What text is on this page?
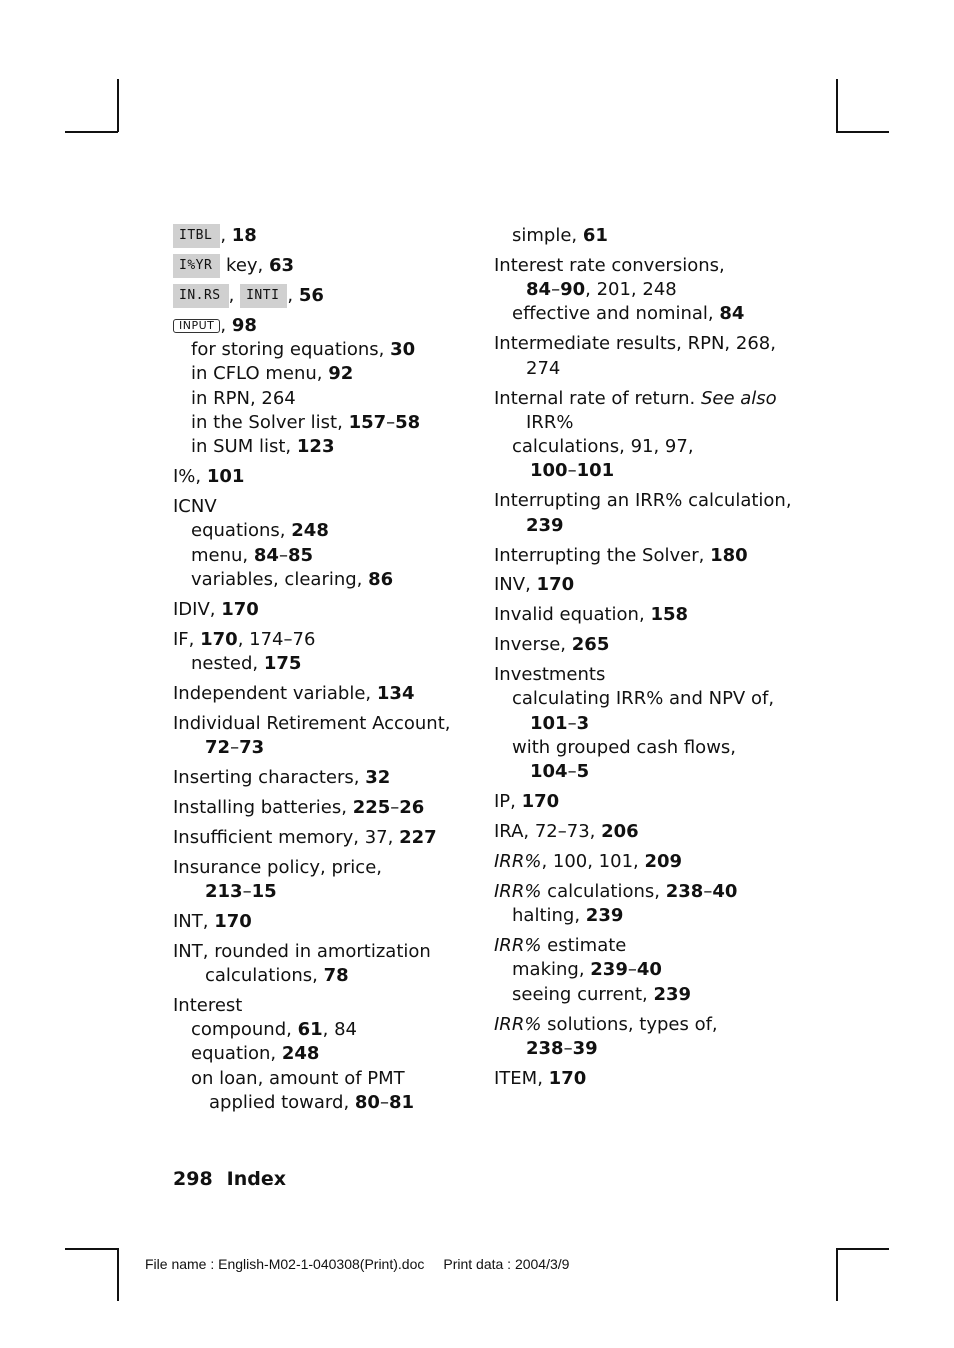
ITBL , 18
I%YR key, 63
IN.RS , INTI , 56
INPUT , 98
for storing equations, 30
in CFLO menu, 92
in RPN, 264
in the Solver list, 157–58
in SUM list, 123
I%, 101
ICNV
equations, 248
menu, 84–85
variables, clearing, 86
IDIV, 170
IF, 170, 174–76
nested, 175
Independent variable, 134
Individual Retirement Account,
72–73
Inserting characters, 32
Installing batteries, 225–26
Insufficient memory, 37, 227
Insurance policy, price,
213–15
INT, 170
INT, rounded in amortization
calculations, 78
Interest
compound, 61, 84
equation, 248
on loan, amount of PMT
applied toward, 80–81
simple, 61
Interest rate conversions,
84–90, 201, 248
effective and nominal, 84
Intermediate results, RPN, 268,
274
Internal rate of return. See also
IRR%
calculations, 91, 97,
100–101
Interrupting an IRR% calculation,
239
Interrupting the Solver, 180
INV, 170
Invalid equation, 158
Inverse, 265
Investments
calculating IRR% and NPV of,
101–3
with grouped cash flows,
104–5
IP, 170
IRA, 72–73, 206
IRR%, 100, 101, 209
IRR% calculations, 238–40
halting, 239
IRR% estimate
making, 239–40
seeing current, 239
IRR% solutions, types of,
238–39
ITEM, 170
298 Index
File name : English-M02-1-040308(Print).doc Print data : 2004/3/9
